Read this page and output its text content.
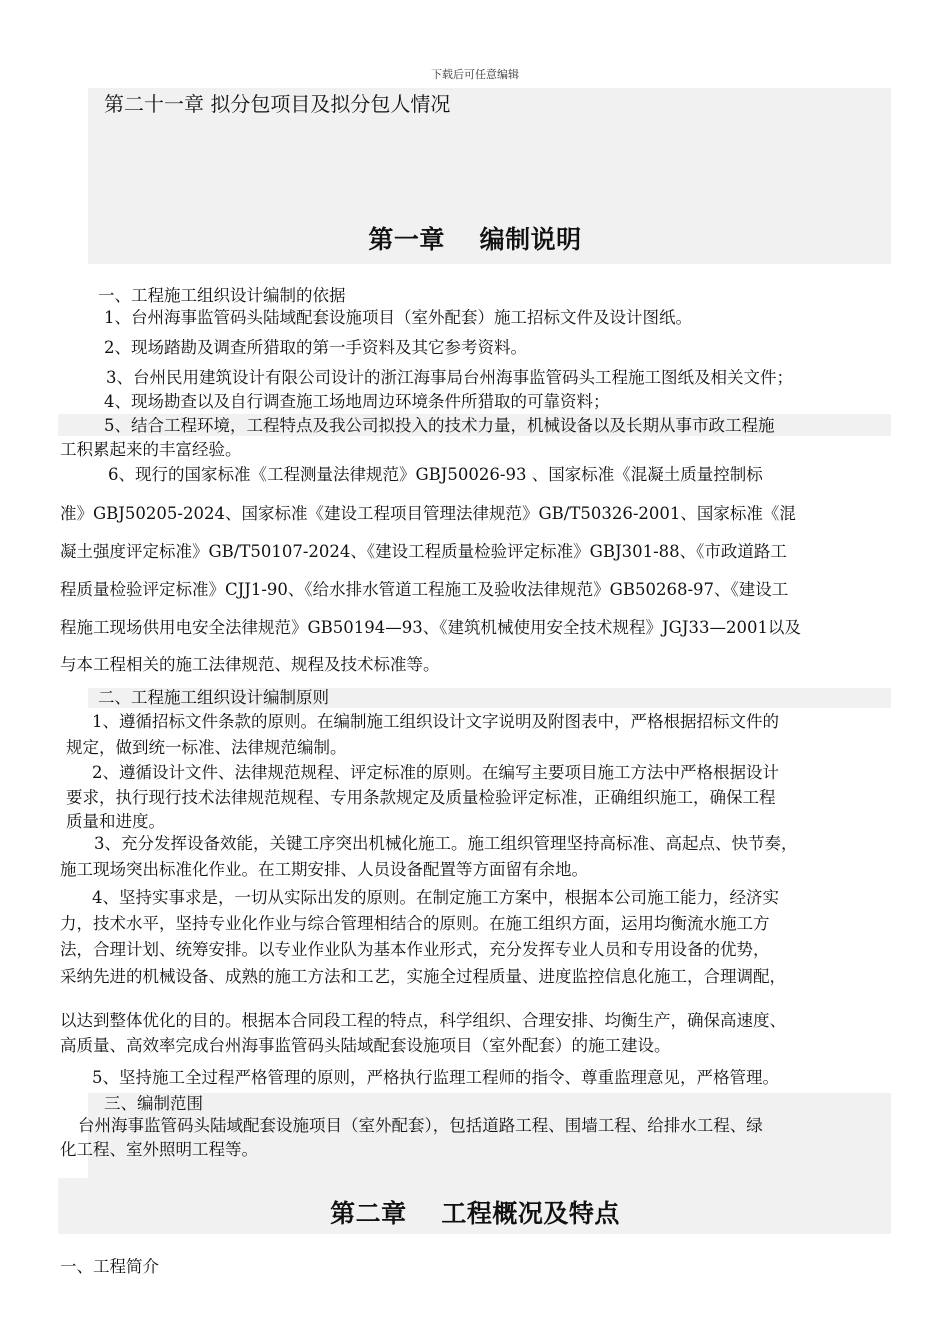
下载后可任意编辑
第二十一章 拟分包项目及拟分包人情况
第一章　 编制说明
一、工程施工组织设计编制的依据
1、台州海事监管码头陆域配套设施项目（室外配套）施工招标文件及设计图纸。
2、现场踏勘及调查所猎取的第一手资料及其它参考资料。
3、台州民用建筑设计有限公司设计的浙江海事局台州海事监管码头工程施工图纸及相关文件；
4、现场勘查以及自行调查施工场地周边环境条件所猎取的可靠资料；
5、结合工程环境，工程特点及我公司拟投入的技术力量，机械设备以及长期从事市政工程施
工积累起来的丰富经验。
6、现行的国家标准《工程测量法律规范》GBJ50026-93 、国家标准《混凝土质量控制标
准》GBJ50205-2024、国家标准《建设工程项目管理法律规范》GB/T50326-2001、国家标准《混
凝土强度评定标准》GB/T50107-2024、《建设工程质量检验评定标准》GBJ301-88、《市政道路工
程质量检验评定标准》CJJ1-90、《给水排水管道工程施工及验收法律规范》GB50268-97、《建设工
程施工现场供用电安全法律规范》GB50194—93、《建筑机械使用安全技术规程》JGJ33—2001以及
与本工程相关的施工法律规范、规程及技术标准等。
二、工程施工组织设计编制原则
1、遵循招标文件条款的原则。在编制施工组织设计文字说明及附图表中，严格根据招标文件的
规定，做到统一标准、法律规范编制。
2、遵循设计文件、法律规范规程、评定标准的原则。在编写主要项目施工方法中严格根据设计
要求，执行现行技术法律规范规程、专用条款规定及质量检验评定标准，正确组织施工，确保工程
质量和进度。
3、充分发挥设备效能，关键工序突出机械化施工。施工组织管理坚持高标准、高起点、快节奏，
施工现场突出标准化作业。在工期安排、人员设备配置等方面留有余地。
4、坚持实事求是，一切从实际出发的原则。在制定施工方案中，根据本公司施工能力，经济实
力，技术水平，坚持专业化作业与综合管理相结合的原则。在施工组织方面，运用均衡流水施工方
法，合理计划、统筹安排。以专业作业队为基本作业形式，充分发挥专业人员和专用设备的优势，
采纳先进的机械设备、成熟的施工方法和工艺，实施全过程质量、进度监控信息化施工，合理调配，
以达到整体优化的目的。根据本合同段工程的特点，科学组织、合理安排、均衡生产，确保高速度、
高质量、高效率完成台州海事监管码头陆域配套设施项目（室外配套）的施工建设。
5、坚持施工全过程严格管理的原则，严格执行监理工程师的指令、尊重监理意见，严格管理。
三、编制范围
台州海事监管码头陆域配套设施项目（室外配套），包括道路工程、围墙工程、给排水工程、绿
化工程、室外照明工程等。
第二章　 工程概况及特点
一、工程简介
